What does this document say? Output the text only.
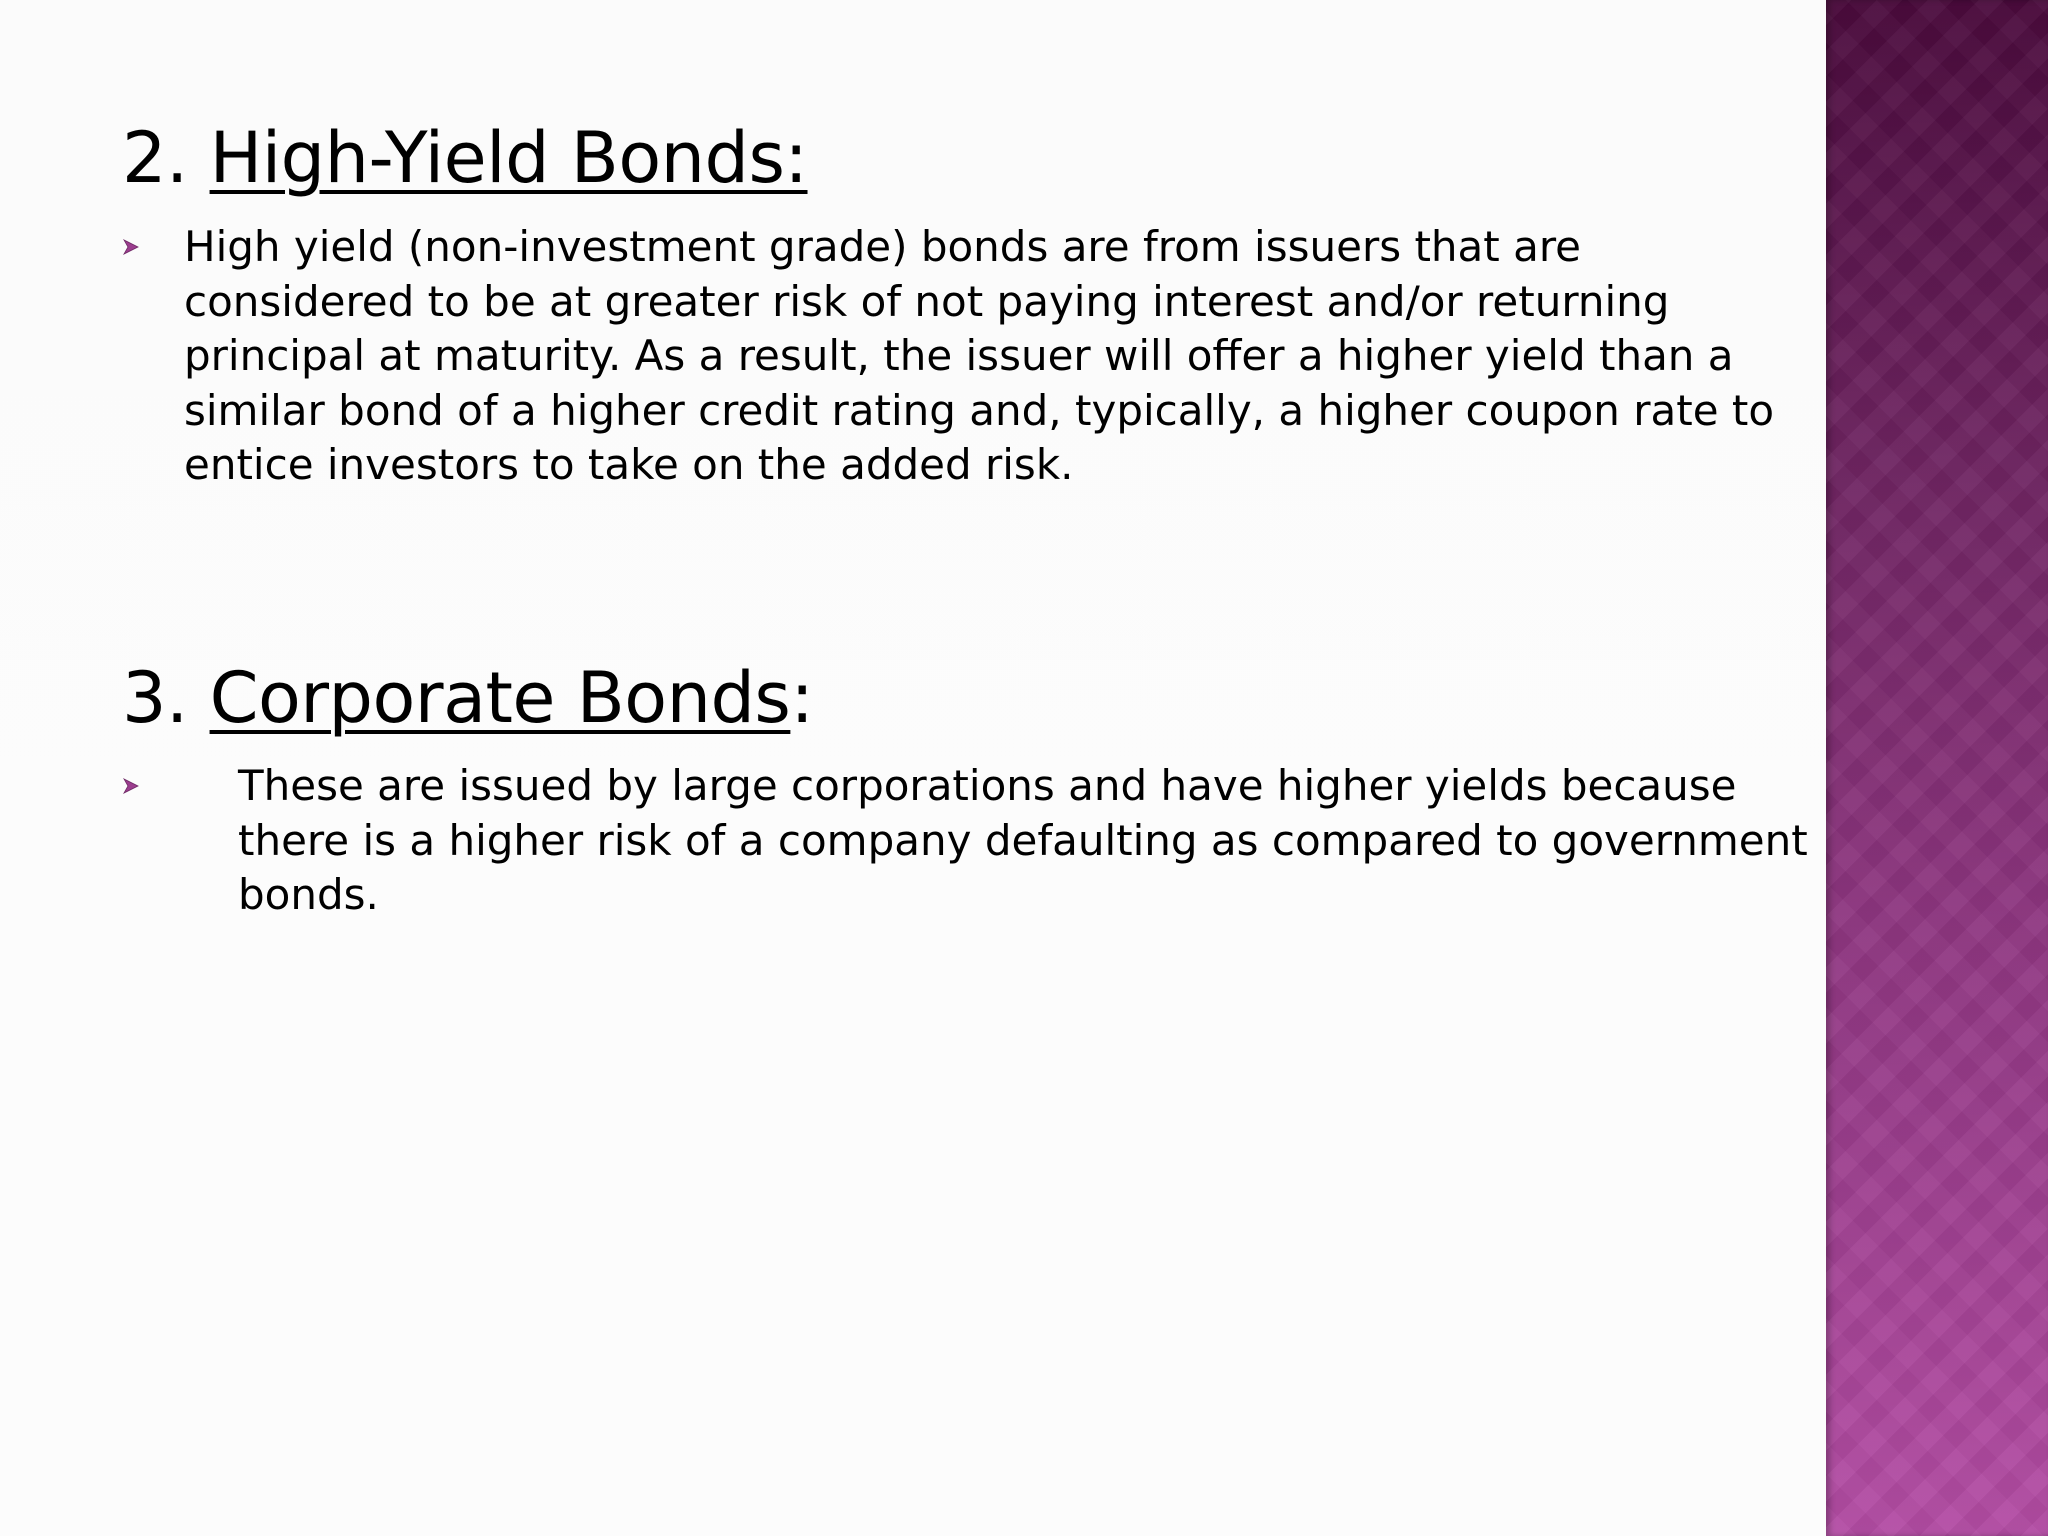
2. High-Yield Bonds:
High yield (non-investment grade) bonds are from issuers that are considered to be at greater risk of not paying interest and/or returning principal at maturity. As a result, the issuer will offer a higher yield than a similar bond of a higher credit rating and, typically, a higher coupon rate to entice investors to take on the added risk.
3. Corporate Bonds:
These are issued by large corporations and have higher yields because there is a higher risk of a company defaulting as compared to government bonds.
